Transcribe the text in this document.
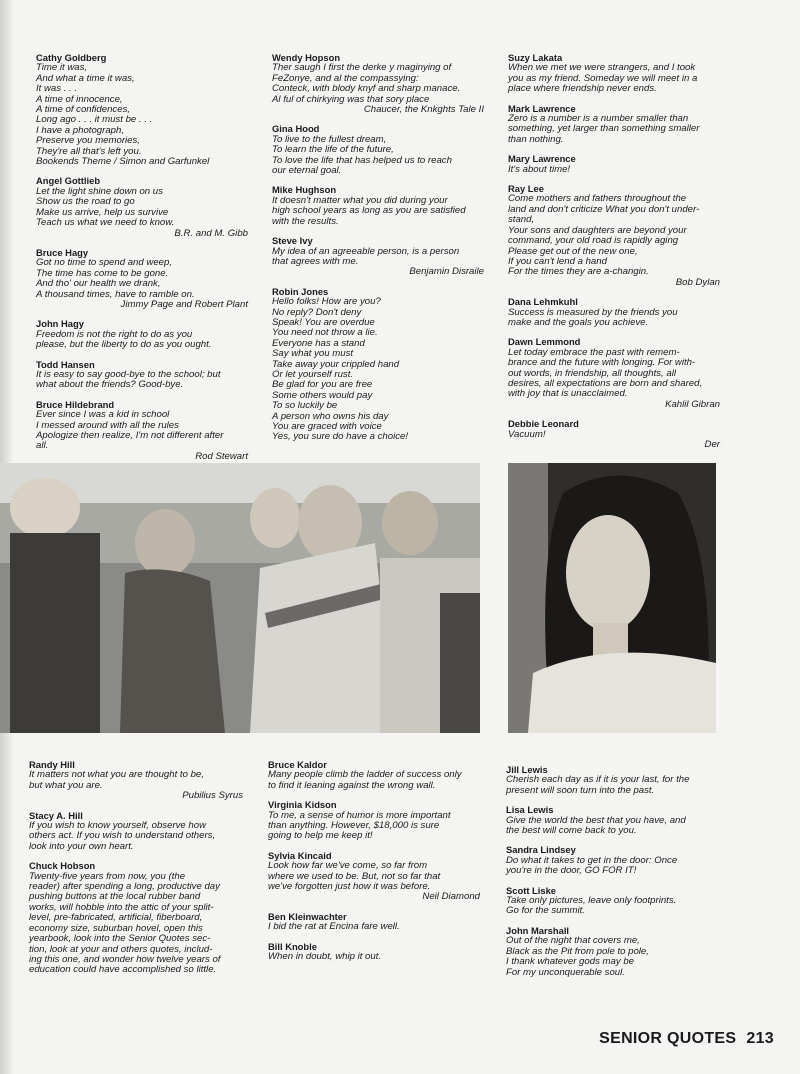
Cathy Goldberg
Time it was,
And what a time it was,
It was . . .
A time of innocence,
A time of confidences,
Long ago . . . it must be . . .
I have a photograph,
Preserve you memories,
They're all that's left you.
Bookends Theme / Simon and Garfunkel
Angel Gottlieb
Let the light shine down on us
Show us the road to go
Make us arrive, help us survive
Teach us what we need to know.
B.R. and M. Gibb
Bruce Hagy
Got no time to spend and weep,
The time has come to be gone.
And tho' our health we drank,
A thousand times, have to ramble on.
Jimmy Page and Robert Plant
John Hagy
Freedom is not the right to do as you
please, but the liberty to do as you ought.
Todd Hansen
It is easy to say good-bye to the school; but
what about the friends? Good-bye.
Bruce Hildebrand
Ever since I was a kid in school
I messed around with all the rules
Apologize then realize, I'm not different after
all.
Rod Stewart
Wendy Hopson
Ther saugh I first the derke y maginying of
FeZonye, and al the compassying:
Conteck, with blody knyf and sharp manace.
Al ful of chirkying was that sory place
Chaucer, the Knkghts Tale II
Gina Hood
To live to the fullest dream,
To learn the life of the future,
To love the life that has helped us to reach
our eternal goal.
Mike Hughson
It doesn't matter what you did during your
high school years as long as you are satisfied
with the results.
Steve Ivy
My idea of an agreeable person, is a person
that agrees with me.
Benjamin Disraile
Robin Jones
Hello folks! How are you?
No reply? Don't deny
Speak! You are overdue
You need not throw a lie.
Everyone has a stand
Say what you must
Take away your crippled hand
Or let yourself rust.
Be glad for you are free
Some others would pay
To so luckily be
A person who owns his day
You are graced with voice
Yes, you sure do have a choice!
Suzy Lakata
When we met we were strangers, and I took
you as my friend. Someday we will meet in a
place where friendship never ends.
Mark Lawrence
Zero is a number is a number smaller than
something, yet larger than something smaller
than nothing.
Mary Lawrence
It's about time!
Ray Lee
Come mothers and fathers throughout the
land and don't criticize What you don't under-
stand,
Your sons and daughters are beyond your
command, your old road is rapidly aging
Please get out of the new one,
If you can't lend a hand
For the times they are a-changin.
Bob Dylan
Dana Lehmkuhl
Success is measured by the friends you
make and the goals you achieve.
Dawn Lemmond
Let today embrace the past with remem-
brance and the future with longing. For with-
out words, in friendship, all thoughts, all
desires, all expectations are born and shared,
with joy that is unacclaimed.
Kahlil Gibran
Debbie Leonard
Vacuum!
Der
Randy Hill
It matters not what you are thought to be,
but what you are.
Pubilius Syrus
Stacy A. Hill
If you wish to know yourself, observe how
others act. If you wish to understand others,
look into your own heart.
Chuck Hobson
Twenty-five years from now, you (the
reader) after spending a long, productive day
pushing buttons at the local rubber band
works, will hobble into the attic of your split-
level, pre-fabricated, artificial, fiberboard,
economy size, suburban hovel, open this
yearbook, look into the Senior Quotes sec-
tion, look at your and others quotes, includ-
ing this one, and wonder how twelve years of
education could have accomplished so little.
Bruce Kaldor
Many people climb the ladder of success only
to find it leaning against the wrong wall.
Virginia Kidson
To me, a sense of humor is more important
than anything. However, $18,000 is sure
going to help me keep it!
Sylvia Kincaid
Look how far we've come, so far from
where we used to be. But, not so far that
we've forgotten just how it was before.
Neil Diamond
Ben Kleinwachter
I bid the rat at Encina fare well.
Bill Knoble
When in doubt, whip it out.
Jill Lewis
Cherish each day as if it is your last, for the
present will soon turn into the past.
Lisa Lewis
Give the world the best that you have, and
the best will come back to you.
Sandra Lindsey
Do what it takes to get in the door: Once
you're in the door, GO FOR IT!
Scott Liske
Take only pictures, leave only footprints.
Go for the summit.
John Marshall
Out of the night that covers me,
Black as the Pit from pole to pole,
I thank whatever gods may be
For my unconquerable soul.
SENIOR QUOTES 213
